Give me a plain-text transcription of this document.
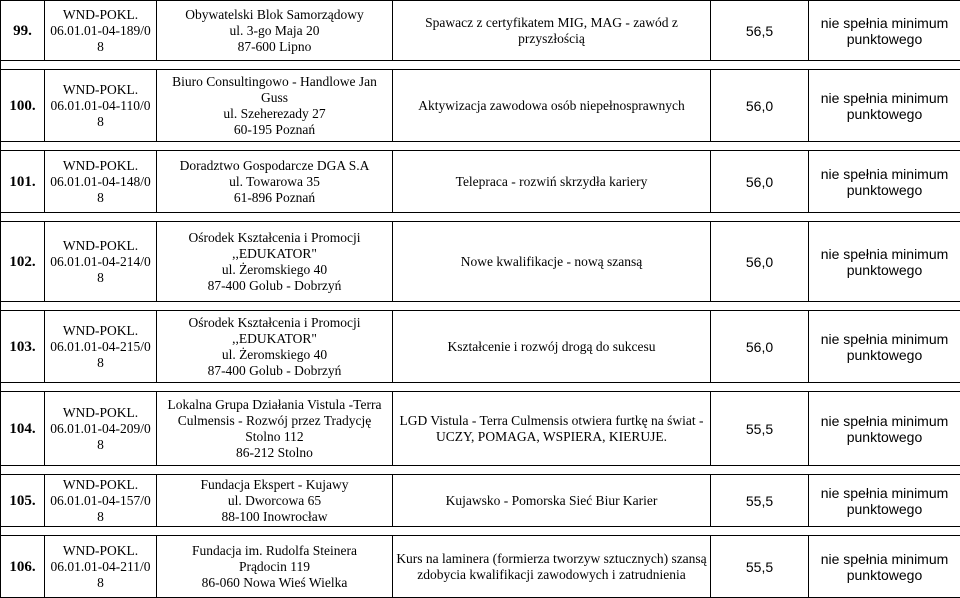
99.	WND-POKL.
06.01.01-04-189/0
8	Obywatelski Blok Samorządowy
ul. 3-go Maja 20
87-600 Lipno	Spawacz z certyfikatem MIG, MAG - zawód z przyszłością	56,5	nie spełnia minimum punktowego

100.	WND-POKL.
06.01.01-04-110/0
8	Biuro Consultingowo - Handlowe Jan Guss
ul. Szeherezady 27
60-195 Poznań	Aktywizacja zawodowa osób niepełnosprawnych	56,0	nie spełnia minimum punktowego

101.	WND-POKL.
06.01.01-04-148/0
8	Doradztwo Gospodarcze DGA S.A
ul. Towarowa 35
61-896 Poznań	Telepraca - rozwiń skrzydła kariery	56,0	nie spełnia minimum punktowego

102.	WND-POKL.
06.01.01-04-214/0
8	Ośrodek Kształcenia i Promocji ,,EDUKATOR"
ul. Żeromskiego 40
87-400 Golub - Dobrzyń	Nowe kwalifikacje - nową szansą	56,0	nie spełnia minimum punktowego

103.	WND-POKL.
06.01.01-04-215/0
8	Ośrodek Kształcenia i Promocji ,,EDUKATOR"
ul. Żeromskiego 40
87-400 Golub - Dobrzyń	Kształcenie i rozwój drogą do sukcesu	56,0	nie spełnia minimum punktowego

104.	WND-POKL.
06.01.01-04-209/0
8	Lokalna Grupa Działania Vistula -Terra Culmensis - Rozwój przez Tradycję
Stolno 112
86-212 Stolno	LGD Vistula - Terra Culmensis otwiera furtkę na świat - UCZY, POMAGA, WSPIERA, KIERUJE.	55,5	nie spełnia minimum punktowego

105.	WND-POKL.
06.01.01-04-157/0
8	Fundacja Ekspert - Kujawy
ul. Dworcowa 65
88-100 Inowrocław	Kujawsko - Pomorska Sieć Biur Karier	55,5	nie spełnia minimum punktowego

106.	WND-POKL.
06.01.01-04-211/0
8	Fundacja im. Rudolfa Steinera
Prądocin 119
86-060 Nowa Wieś Wielka	Kurs na laminera (formierza tworzyw sztucznych) szansą zdobycia kwalifikacji zawodowych i zatrudnienia	55,5	nie spełnia minimum punktowego
